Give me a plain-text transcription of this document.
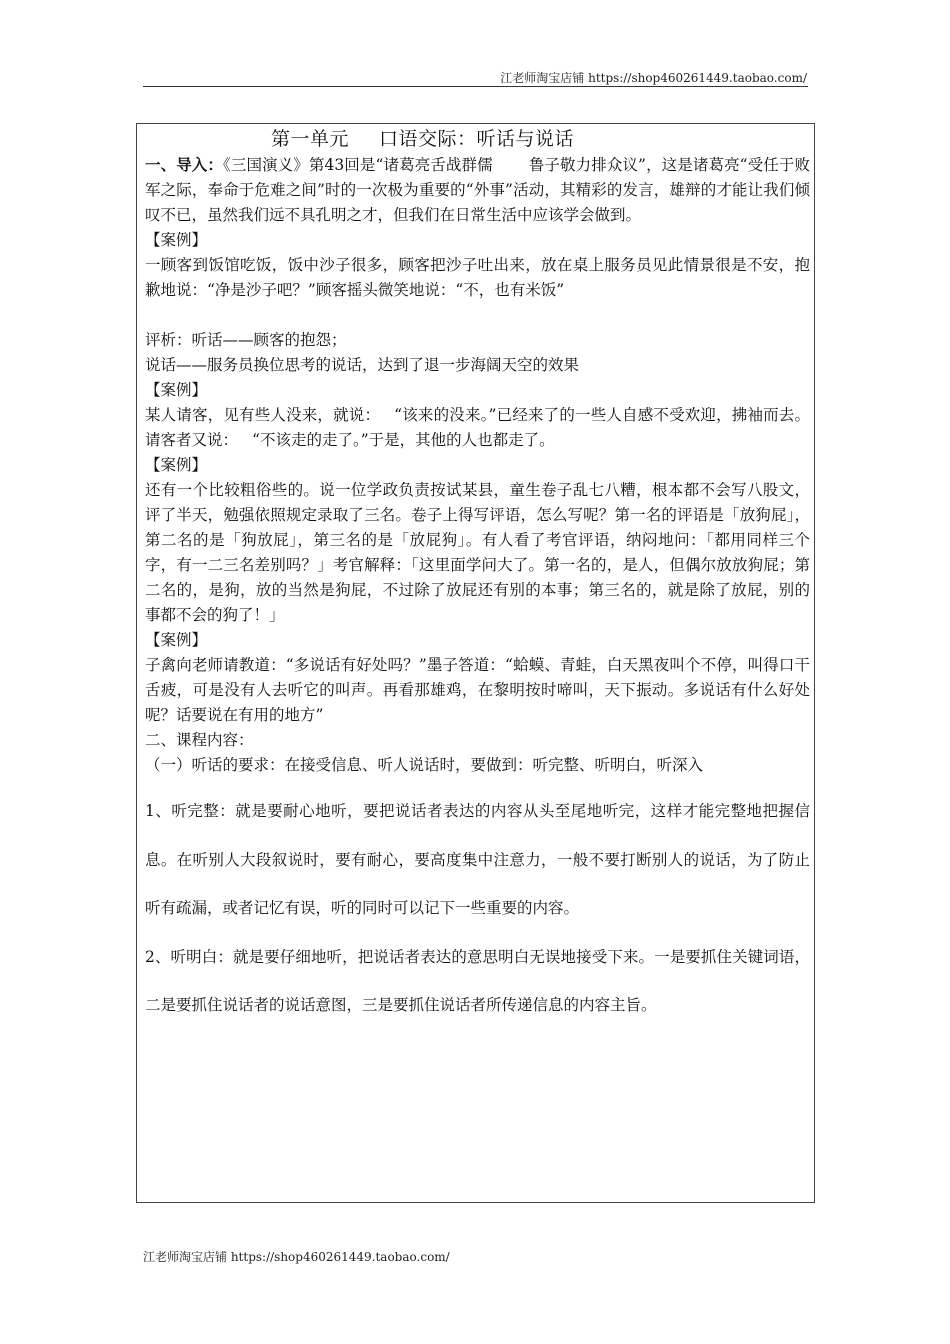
江老师淘宝店铺 https://shop460261449.taobao.com/
第一单元 口语交际：听话与说话

一、导入：《三国演义》第43回是“诸葛亮舌战群儒 鲁子敬力排众议”，这是诸葛亮“受任于败军之际，奉命于危难之间”时的一次极为重要的“外事”活动，其精彩的发言，雄辩的才能让我们倾叹不已，虽然我们远不具孔明之才，但我们在日常生活中应该学会做到。

【案例】

一顾客到饭馆吃饭，饭中沙子很多，顾客把沙子吐出来，放在桌上服务员见此情景很是不安，抱歉地说：“净是沙子吧？”顾客摇头微笑地说：“不，也有米饭”

评析：听话——顾客的抱怨；

说话——服务员换位思考的说话，达到了退一步海阔天空的效果

【案例】

某人请客，见有些人没来，就说： “该来的没来。”已经来了的一些人自感不受欢迎，拂袖而去。请客者又说： “不该走的走了。”于是，其他的人也都走了。

【案例】

还有一个比较粗俗些的。说一位学政负责按试某县，童生卷子乱七八糟，根本都不会写八股文，评了半天，勉强依照规定录取了三名。卷子上得写评语，怎么写呢？第一名的评语是「放狗屁」，第二名的是「狗放屁」，第三名的是「放屁狗」。有人看了考官评语，纳闷地问：「都用同样三个字，有一二三名差别吗？」考官解释：「这里面学问大了。第一名的，是人，但偶尔放放狗屁；第二名的，是狗，放的当然是狗屁，不过除了放屁还有别的本事；第三名的，就是除了放屁，别的事都不会的狗了！」

【案例】

子禽向老师请教道：“多说话有好处吗？”墨子答道：“蛤蟆、青蛙，白天黑夜叫个不停，叫得口干舌疲，可是没有人去听它的叫声。再看那雄鸡，在黎明按时啼叫，天下振动。多说话有什么好处呢？话要说在有用的地方”

二、课程内容：

（一）听话的要求：在接受信息、听人说话时，要做到：听完整、听明白，听深入

1、听完整：就是要耐心地听，要把说话者表达的内容从头至尾地听完，这样才能完整地把握信息。在听别人大段叙说时，要有耐心，要高度集中注意力，一般不要打断别人的说话，为了防止听有疏漏，或者记忆有误，听的同时可以记下一些重要的内容。

2、听明白：就是要仔细地听，把说话者表达的意思明白无误地接受下来。一是要抓住关键词语，二是要抓住说话者的说话意图，三是要抓住说话者所传递信息的内容主旨。

江老师淘宝店铺 https://shop460261449.taobao.com/
